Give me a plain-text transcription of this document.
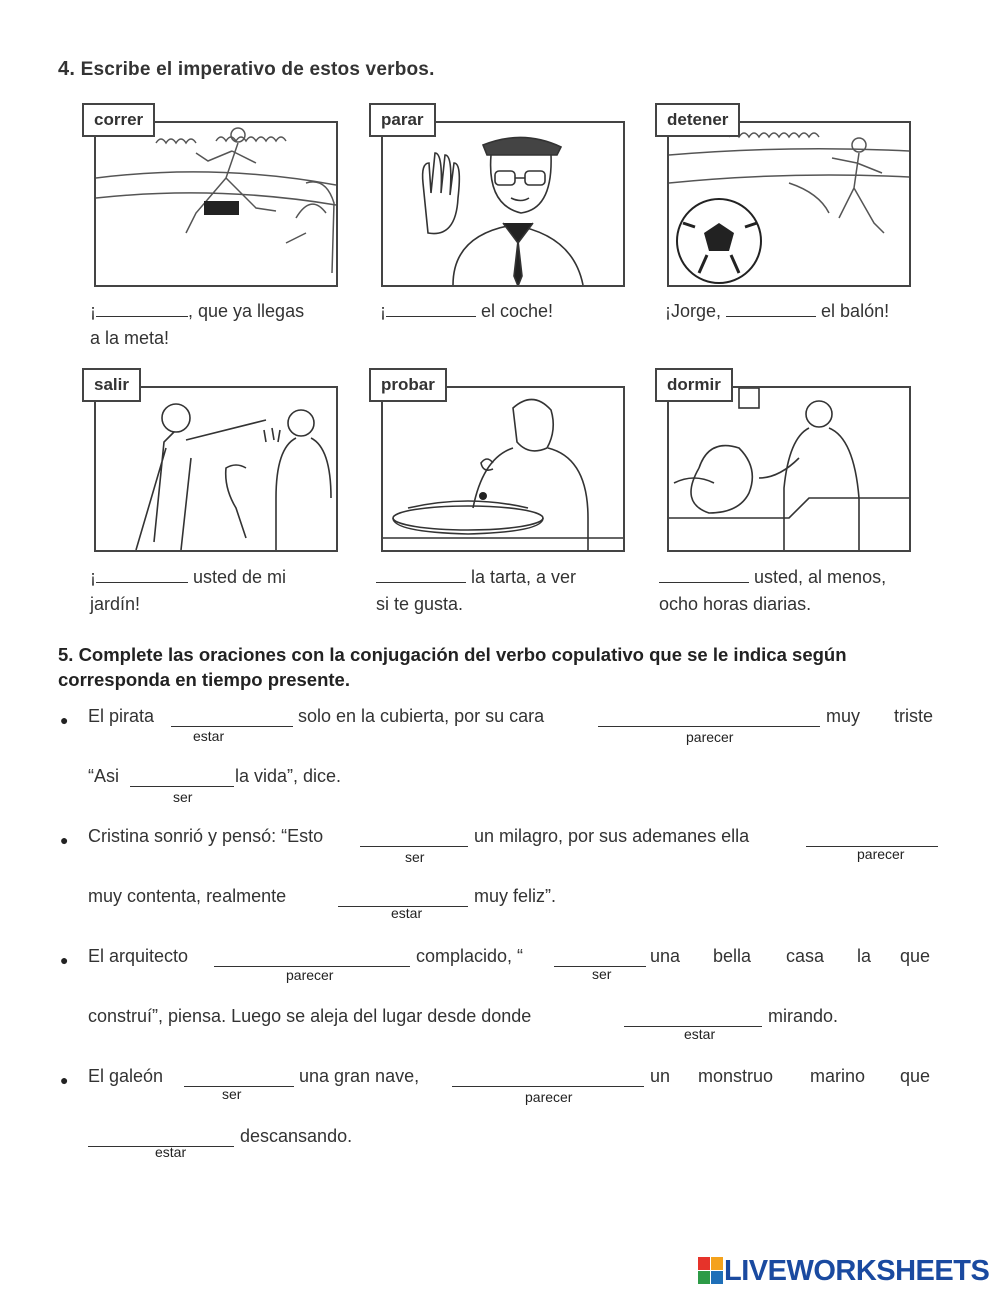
4. Escribe el imperativo de estos verbos.
correr	parar	detener
¡	, que ya llegas
a la meta!
¡	el coche!	¡Jorge,	el balón!
salir	probar	dormir
¡	usted de mi
jardín!
la tarta, a ver
si te gusta.
usted, al menos,
ocho horas diarias.
5. Complete las oraciones con la conjugación del verbo copulativo que se le indica según corresponda en tiempo presente.
● El pirata
estar
solo en la cubierta, por su cara
parecer
muy triste
“Asi
ser
la vida”, dice.
● Cristina sonrió y pensó: “Esto
ser
un milagro, por sus ademanes ella
parecer
muy contenta, realmente
estar
muy feliz”.
● El arquitecto
parecer
complacido, “
ser
una bella casa la que
construí”, piensa. Luego se aleja del lugar desde donde
estar
mirando.
● El galeón
ser
una gran nave,
parecer
un monstruo marino que
estar
descansando.
LIVEWORKSHEETS
